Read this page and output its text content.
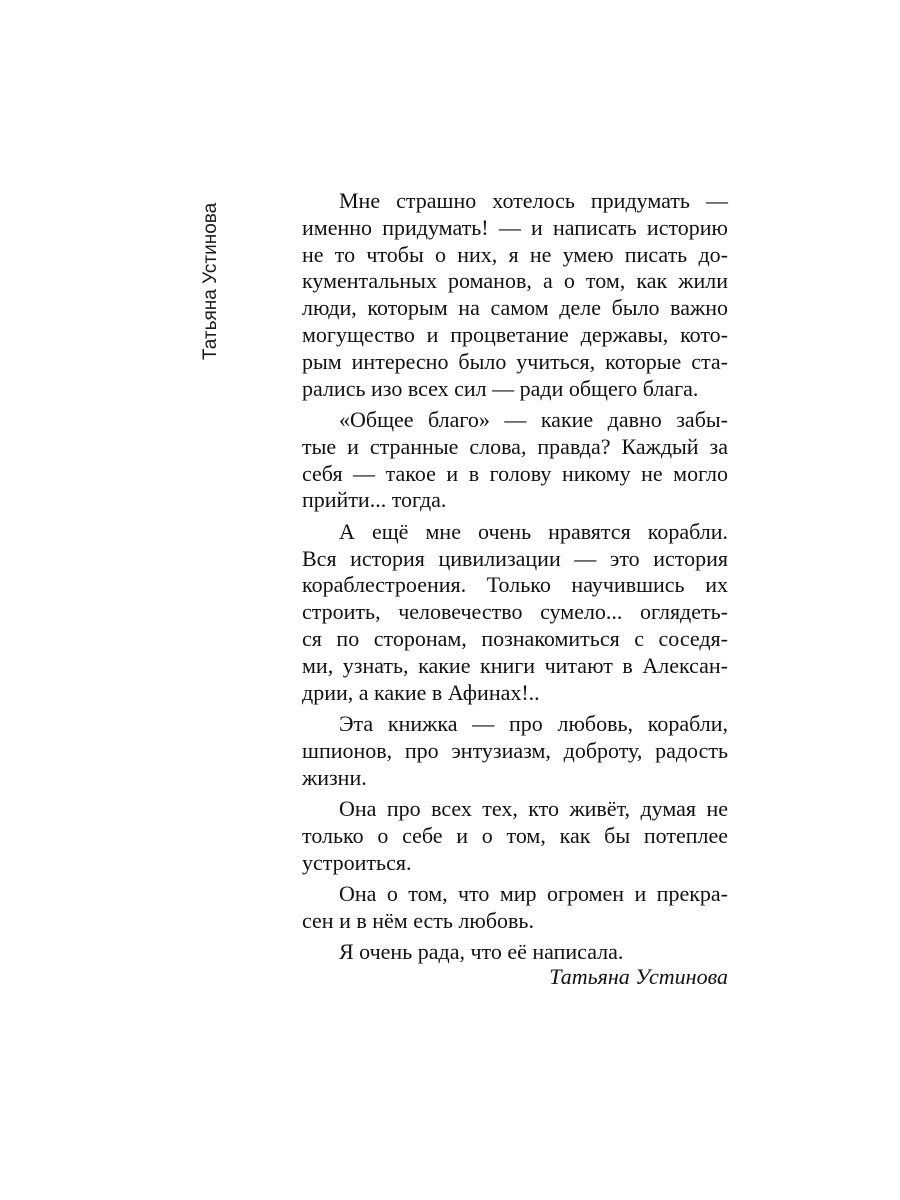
Татьяна Устинова
Мне страшно хотелось придумать —
именно придумать! — и написать историю
не то чтобы о них, я не умею писать до-
кументальных романов, а о том, как жили
люди, которым на самом деле было важно
могущество и процветание державы, кото-
рым интересно было учиться, которые ста-
рались изо всех сил — ради общего блага.
«Общее благо» — какие давно забы-
тые и странные слова, правда? Каждый за
себя — такое и в голову никому не могло
прийти... тогда.
А ещё мне очень нравятся корабли.
Вся история цивилизации — это история
кораблестроения. Только научившись их
строить, человечество сумело... оглядеть-
ся по сторонам, познакомиться с соседя-
ми, узнать, какие книги читают в Алексан-
дрии, а какие в Афинах!..
Эта книжка — про любовь, корабли,
шпионов, про энтузиазм, доброту, радость
жизни.
Она про всех тех, кто живёт, думая не
только о себе и о том, как бы потеплее
устроиться.
Она о том, что мир огромен и прекра-
сен и в нём есть любовь.
Я очень рада, что её написала.
Татьяна Устинова
